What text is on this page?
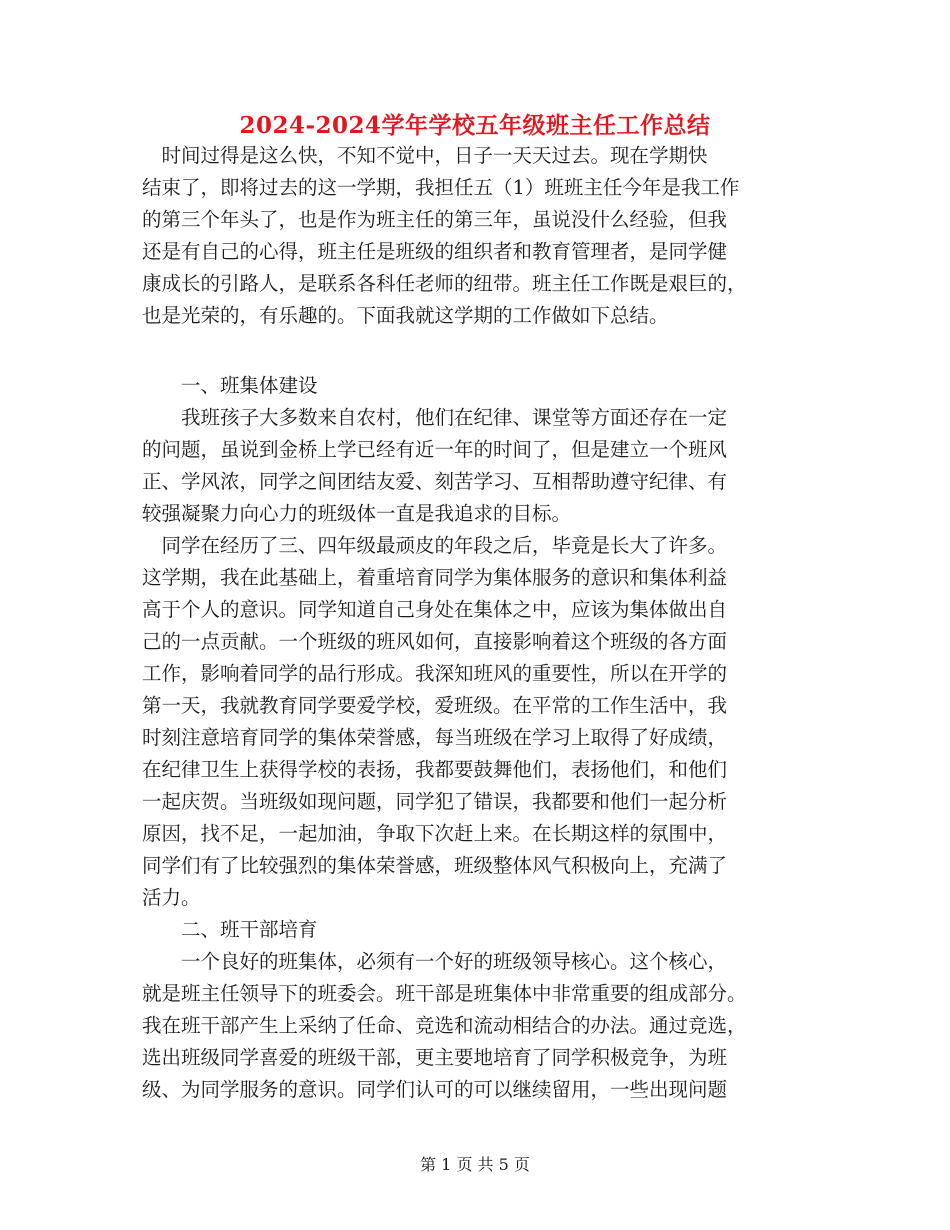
2024-2024学年学校五年级班主任工作总结
　时间过得是这么快，不知不觉中，日子一天天过去。现在学期快
结束了，即将过去的这一学期，我担任五（1）班班主任今年是我工作
的第三个年头了，也是作为班主任的第三年，虽说没什么经验，但我
还是有自己的心得，班主任是班级的组织者和教育管理者，是同学健
康成长的引路人，是联系各科任老师的纽带。班主任工作既是艰巨的，
也是光荣的，有乐趣的。下面我就这学期的工作做如下总结。
　　一、班集体建设
　　我班孩子大多数来自农村，他们在纪律、课堂等方面还存在一定
的问题，虽说到金桥上学已经有近一年的时间了，但是建立一个班风
正、学风浓，同学之间团结友爱、刻苦学习、互相帮助遵守纪律、有
较强凝聚力向心力的班级体一直是我追求的目标。
　同学在经历了三、四年级最顽皮的年段之后，毕竟是长大了许多。
这学期，我在此基础上，着重培育同学为集体服务的意识和集体利益
高于个人的意识。同学知道自己身处在集体之中，应该为集体做出自
己的一点贡献。一个班级的班风如何，直接影响着这个班级的各方面
工作，影响着同学的品行形成。我深知班风的重要性，所以在开学的
第一天，我就教育同学要爱学校，爱班级。在平常的工作生活中，我
时刻注意培育同学的集体荣誉感，每当班级在学习上取得了好成绩，
在纪律卫生上获得学校的表扬，我都要鼓舞他们，表扬他们，和他们
一起庆贺。当班级如现问题，同学犯了错误，我都要和他们一起分析
原因，找不足，一起加油，争取下次赶上来。在长期这样的氛围中，
同学们有了比较强烈的集体荣誉感，班级整体风气积极向上，充满了
活力。
　　二、班干部培育
　　一个良好的班集体，必须有一个好的班级领导核心。这个核心，
就是班主任领导下的班委会。班干部是班集体中非常重要的组成部分。
我在班干部产生上采纳了任命、竞选和流动相结合的办法。通过竞选，
选出班级同学喜爱的班级干部，更主要地培育了同学积极竞争，为班
级、为同学服务的意识。同学们认可的可以继续留用，一些出现问题
第 1 页 共 5 页
